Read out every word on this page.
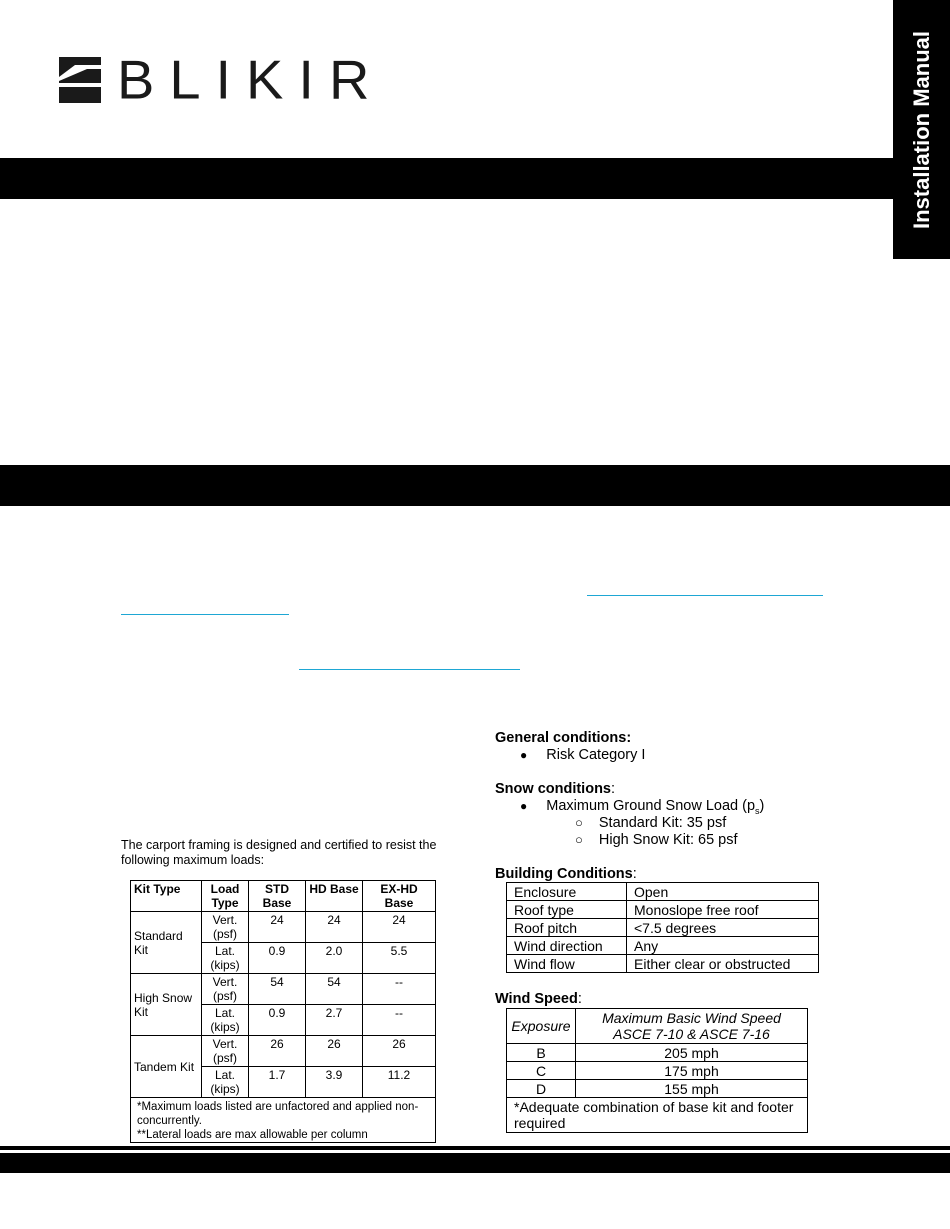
BLIKIR	Installation Manual
The carport framing is designed and certified to resist the following maximum loads:
Kit Type	Load Type	STD Base	HD Base	EX-HD Base
Standard Kit	Vert. (psf)	24	24	24
	Lat. (kips)	0.9	2.0	5.5
High Snow Kit	Vert. (psf)	54	54	--
	Lat. (kips)	0.9	2.7	--
Tandem Kit	Vert. (psf)	26	26	26
	Lat. (kips)	1.7	3.9	11.2

*Maximum loads listed are unfactored and applied non-concurrently.
**Lateral loads are max allowable per column				
General conditions:
● Risk Category I
Snow conditions:
● Maximum Ground Snow Load $(p_s)$
○ Standard Kit: 35 psf
○ High Snow Kit: 65 psf
Building Conditions:
Enclosure	Open
Roof type	Monoslope free roof
Roof pitch	<7.5 degrees
Wind direction	Any
Wind flow	Either clear or obstructed
Wind Speed:
Exposure	Maximum Basic Wind Speed
ASCE 7-10 & ASCE 7-16

B	205 mph
C	175 mph
D	155 mph
*Adequate combination of base kit and footer required	
